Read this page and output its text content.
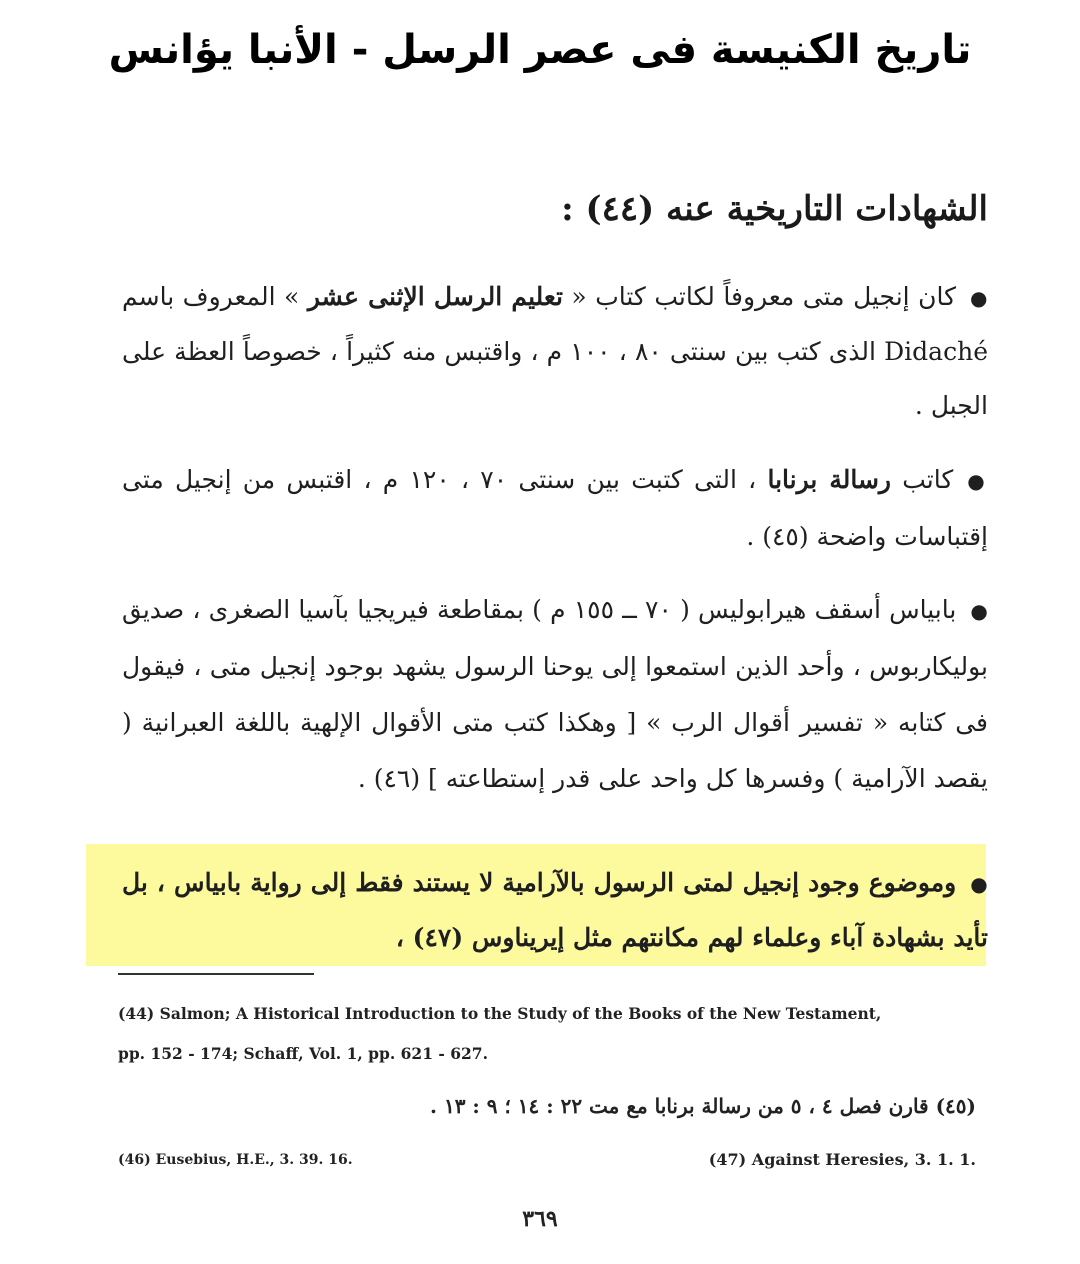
تاريخ الكنيسة فى عصر الرسل - الأنبا يؤانس
الشهادات التاريخية عنه (٤٤) :
●كان إنجيل متى معروفاً لكاتب كتاب « تعليم الرسل الإثنى عشر » المعروف باسم Didaché الذى كتب بين سنتى ٨٠ ، ١٠٠ م ، واقتبس منه كثيراً ، خصوصاً العظة على الجبل .
●كاتب رسالة برنابا ، التى كتبت بين سنتى ٧٠ ، ١٢٠ م ، اقتبس من إنجيل متى إقتباسات واضحة (٤٥) .
●بابياس أسقف هيرابوليس ( ٧٠ ــ ١٥٥ م ) بمقاطعة فيريجيا بآسيا الصغرى ، صديق بوليكاربوس ، وأحد الذين استمعوا إلى يوحنا الرسول يشهد بوجود إنجيل متى ، فيقول فى كتابه « تفسير أقوال الرب » [ وهكذا كتب متى الأقوال الإلهية باللغة العبرانية ( يقصد الآرامية ) وفسرها كل واحد على قدر إستطاعته ] (٤٦) .
●وموضوع وجود إنجيل لمتى الرسول بالآرامية لا يستند فقط إلى رواية بابياس ، بل تأيد بشهادة آباء وعلماء لهم مكانتهم مثل إيريناوس (٤٧) ،
(44) Salmon; A Historical Introduction to the Study of the Books of the New Testament,
pp. 152 - 174; Schaff, Vol. 1, pp. 621 - 627.
(٤٥) قارن فصل ٤ ، ٥ من رسالة برنابا مع مت ٢٢ : ١٤ ؛ ٩ : ١٣ .
(46) Eusebius, H.E., 3. 39. 16.	(47) Against Heresies, 3. 1. 1.
٣٦٩
